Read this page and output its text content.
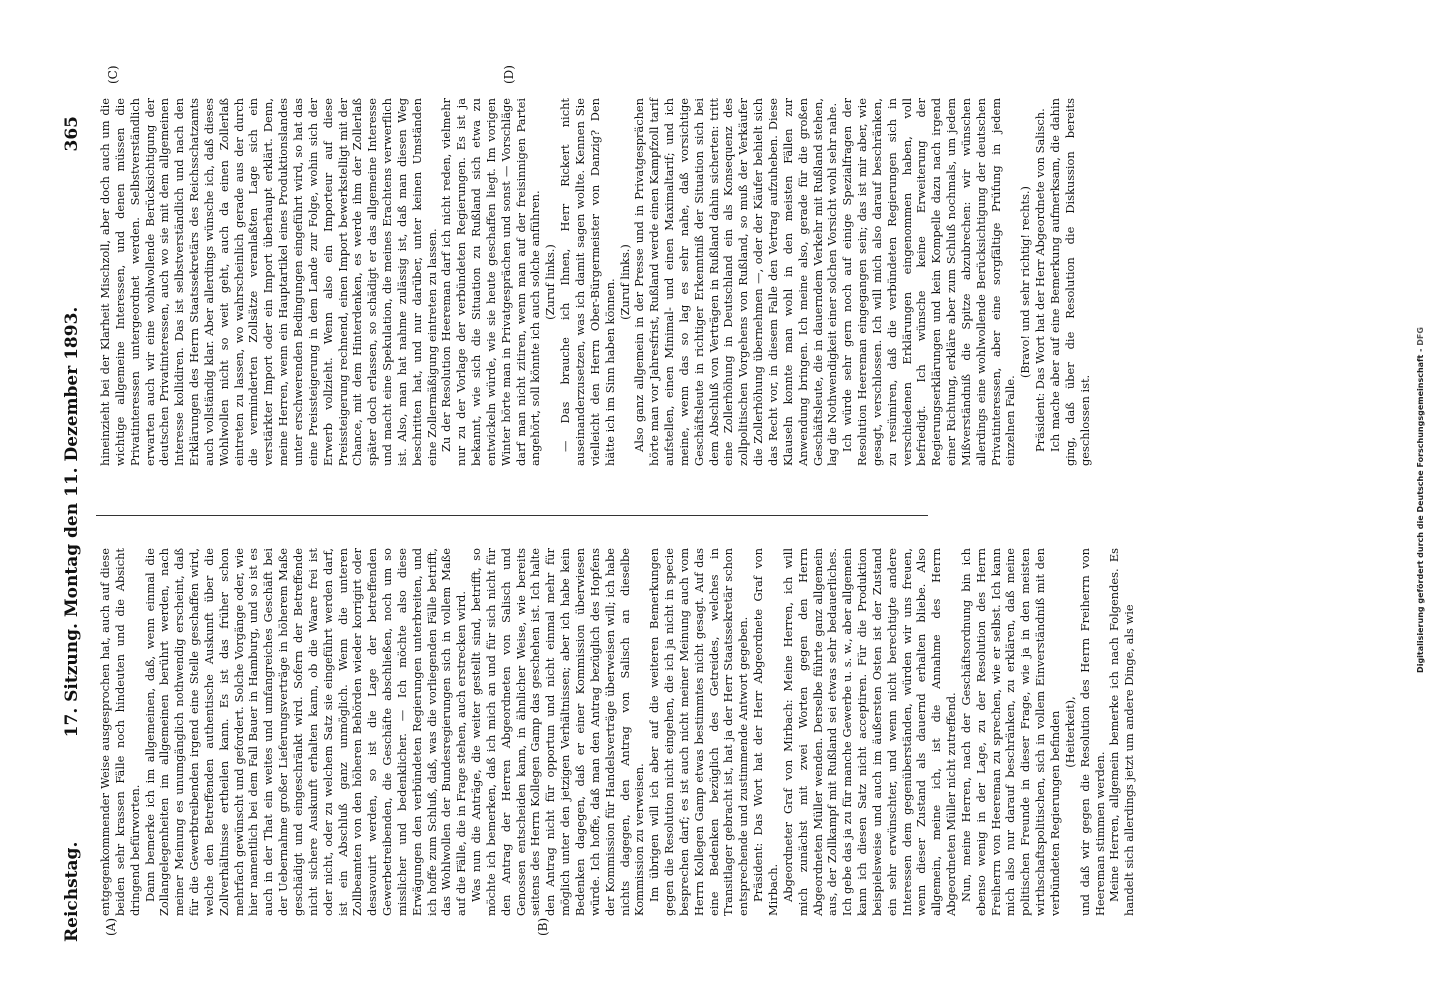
Reichstag.
17. Sitzung. Montag den 11. Dezember 1893.
365
(A)	(B)
(C)	(D)

entgegenkommender Weise ausgesprochen hat, auch auf diese beiden sehr krassen Fälle noch hindeuten und die Absicht dringend befürworten. Dann bemerke ich im allgemeinen, daß, wenn einmal die Zollangelegenheiten im allgemeinen berührt werden, nach meiner Meinung es unumgänglich nothwendig erscheint, daß für die Gewerbtreibenden irgend eine Stelle geschaffen wird, welche den Betreffenden authentische Auskunft über die Zollverhältnisse ertheilen kann. Es ist das früher schon mehrfach gewünscht und gefordert. Solche Vorgänge oder, wie hier namentlich bei dem Fall Bauer in Hamburg, und so ist es auch in der That ein weites und umfangreiches Geschäft bei der Uebernahme großer Lieferungsverträge in höherem Maße geschädigt und eingeschränkt wird. Sofern der Betreffende nicht sichere Auskunft erhalten kann, ob die Waare frei ist oder nicht, oder zu welchem Satz sie eingeführt werden darf, ist ein Abschluß ganz unmöglich. Wenn die unteren Zollbeamten von den höheren Behörden wieder korrigirt oder desavouirt werden, so ist die Lage der betreffenden Gewerbetreibenden, die Geschäfte abschließen, noch um so misslicher und bedenklicher. — Ich möchte also diese Erwägungen den verbündeten Regierungen unterbreiten, und ich hoffe zum Schluß, daß, was die vorliegenden Fälle betrifft, das Wohlwollen der Bundesregierungen sich in vollem Maße auf die Fälle, die in Frage stehen, auch erstrecken wird. Was nun die Anträge, die weiter gestellt sind, betrifft, so möchte ich bemerken, daß ich mich an und für sich nicht für den Antrag der Herren Abgeordneten von Salisch und Genossen entscheiden kann, in ähnlicher Weise, wie bereits seitens des Herrn Kollegen Gamp das geschehen ist. Ich halte den Antrag nicht für opportun und nicht einmal mehr für möglich unter den jetzigen Verhältnissen; aber ich habe kein Bedenken dagegen, daß er einer Kommission überwiesen würde. Ich hoffe, daß man den Antrag bezüglich des Hopfens der Kommission für Handelsverträge überweisen will; ich habe nichts dagegen, den Antrag von Salisch an dieselbe Kommission zu verweisen. Im übrigen will ich aber auf die weiteren Bemerkungen gegen die Resolution nicht eingehen, die ich ja nicht in specie besprechen darf; es ist auch nicht meiner Meinung auch vom Herrn Kollegen Gamp etwas bestimmtes nicht gesagt. Auf das eine Bedenken bezüglich des Getreides, welches in Transitlager gebracht ist, hat ja der Herr Staatssekretär schon entsprechende und zustimmende Antwort gegeben. Präsident: Das Wort hat der Herr Abgeordnete Graf von Mirbach. Abgeordneter Graf von Mirbach: Meine Herren, ich will mich zunächst mit zwei Worten gegen den Herrn Abgeordneten Müller wenden. Derselbe führte ganz allgemein aus, der Zollkampf mit Rußland sei etwas sehr bedauerliches. Ich gebe das ja zu für manche Gewerbe u. s. w., aber allgemein kann ich diesen Satz nicht acceptiren. Für die Produktion beispielsweise und auch im äußersten Osten ist der Zustand ein sehr erwünschter, und wenn nicht berechtigte andere Interessen dem gegenüberständen, würden wir uns freuen, wenn dieser Zustand als dauernd erhalten bliebe. Also allgemein, meine ich, ist die Annahme des Herrn Abgeordneten Müller nicht zutreffend. Nun, meine Herren, nach der Geschäftsordnung bin ich ebenso wenig in der Lage, zu der Resolution des Herrn Freiherrn von Heereman zu sprechen, wie er selbst. Ich kann mich also nur darauf beschränken, zu erklären, daß meine politischen Freunde in dieser Frage, wie ja in den meisten wirthschaftspolitischen, sich in vollem Einverständniß mit den verbündeten Regierungen befinden (Heiterkeit), und daß wir gegen die Resolution des Herrn Freiherrn von Heereman stimmen werden. Meine Herren, allgemein bemerke ich nach Folgendes. Es handelt sich allerdings jetzt um andere Dinge, als wie

hineinzieht bei der Klarheit Mischzoll, aber doch auch um die wichtige allgemeine Interessen, und denen müssen die Privatinteressen untergeordnet werden. Selbstverständlich erwarten auch wir eine wohlwollende Berücksichtigung der deutschen Privatinteressen, auch wo sie mit dem allgemeinen Interesse kollidiren. Das ist selbstverständlich und nach den Erklärungen des Herrn Staatssekretärs des Reichsschatzamts auch vollständig klar. Aber allerdings wünsche ich, daß dieses Wohlwollen nicht so weit geht, auch da einen Zollerlaß eintreten zu lassen, wo wahrscheinlich gerade aus der durch die verminderten Zollsätze veranlaßten Lage sich ein verstärkter Import oder ein Import überhaupt erklärt. Denn, meine Herren, wenn ein Hauptartikel eines Produktionslandes unter erschwerenden Bedingungen eingeführt wird, so hat das eine Preissteigerung in dem Lande zur Folge, wohin sich der Erwerb vollzieht. Wenn also ein Importeur auf diese Preissteigerung rechnend, einen Import bewerkstelligt mit der Chance, mit dem Hinterdenken, es werde ihm der Zollerlaß später doch erlassen, so schädigt er das allgemeine Interesse und macht eine Spekulation, die meines Erachtens verwerflich ist. Also, man hat nahme zulässig ist, daß man diesen Weg beschritten hat, und nur darüber, unter keinen Umständen eine Zollermäßigung eintreten zu lassen. Zu der Resolution Heereman darf ich nicht reden, vielmehr nur zu der Vorlage der verbündeten Regierungen. Es ist ja bekannt, wie sich die Situation zu Rußland sich etwa zu entwickeln würde, wie sie heute geschaffen liegt. Im vorigen Winter hörte man in Privatgesprächen und sonst — Vorschläge darf man nicht zitiren, wenn man auf der freisinnigen Partei angehört, soll könnte ich auch solche anführen. (Zuruf links.) — Das brauche ich Ihnen, Herr Rickert nicht auseinanderzusetzen, was ich damit sagen wollte. Kennen Sie vielleicht den Herrn Ober-Bürgermeister von Danzig? Den hätte ich im Sinn haben können. (Zuruf links.) Also ganz allgemein in der Presse und in Privatgesprächen hörte man vor Jahresfrist, Rußland werde einen Kampfzoll tarif aufstellen, einen Minimal- und einen Maximaltarif; und ich meine, wenn das so lag es sehr nahe, daß vorsichtige Geschäftsleute in richtiger Erkenntniß der Situation sich bei dem Abschluß von Verträgen in Rußland dahin sicherten: tritt eine Zollerhöhung in Deutschland ein als Konsequenz des zollpolitischen Vorgehens von Rußland, so muß der Verkäufer die Zollerhöhung übernehmen —, oder der Käufer behielt sich das Recht vor, in diesem Falle den Vertrag aufzuheben. Diese Klauseln konnte man wohl in den meisten Fällen zur Anwendung bringen. Ich meine also, gerade für die großen Geschäftsleute, die in dauerndem Verkehr mit Rußland stehen, lag die Nothwendigkeit einer solchen Vorsicht wohl sehr nahe. Ich würde sehr gern noch auf einige Spezialfragen der Resolution Heereman eingegangen sein; das ist mir aber, wie gesagt, verschlossen. Ich will mich also darauf beschränken, zu resümiren, daß die verbündeten Regierungen sich in verschiedenen Erklärungen eingenommen haben, voll befriedigt. Ich wünsche keine Erweiterung der Regierungserklärungen und kein Kompelle dazu nach irgend einer Richtung, erkläre aber zum Schluß nochmals, um jedem Mißverständniß die Spitze abzubrechen: wir wünschen allerdings eine wohlwollende Berücksichtigung der deutschen Privatinteressen, aber eine sorgfältige Prüfung in jedem einzelnen Falle.

(Bravo! und sehr richtig! rechts.) Präsident: Das Wort hat der Herr Abgeordnete von Salisch. Ich mache aber auf eine Bemerkung aufmerksam, die dahin ging, daß über die Resolution die Diskussion bereits geschlossen ist.	Digitalisierung gefördert durch die Deutsche Forschungsgemeinschaft - DFG
